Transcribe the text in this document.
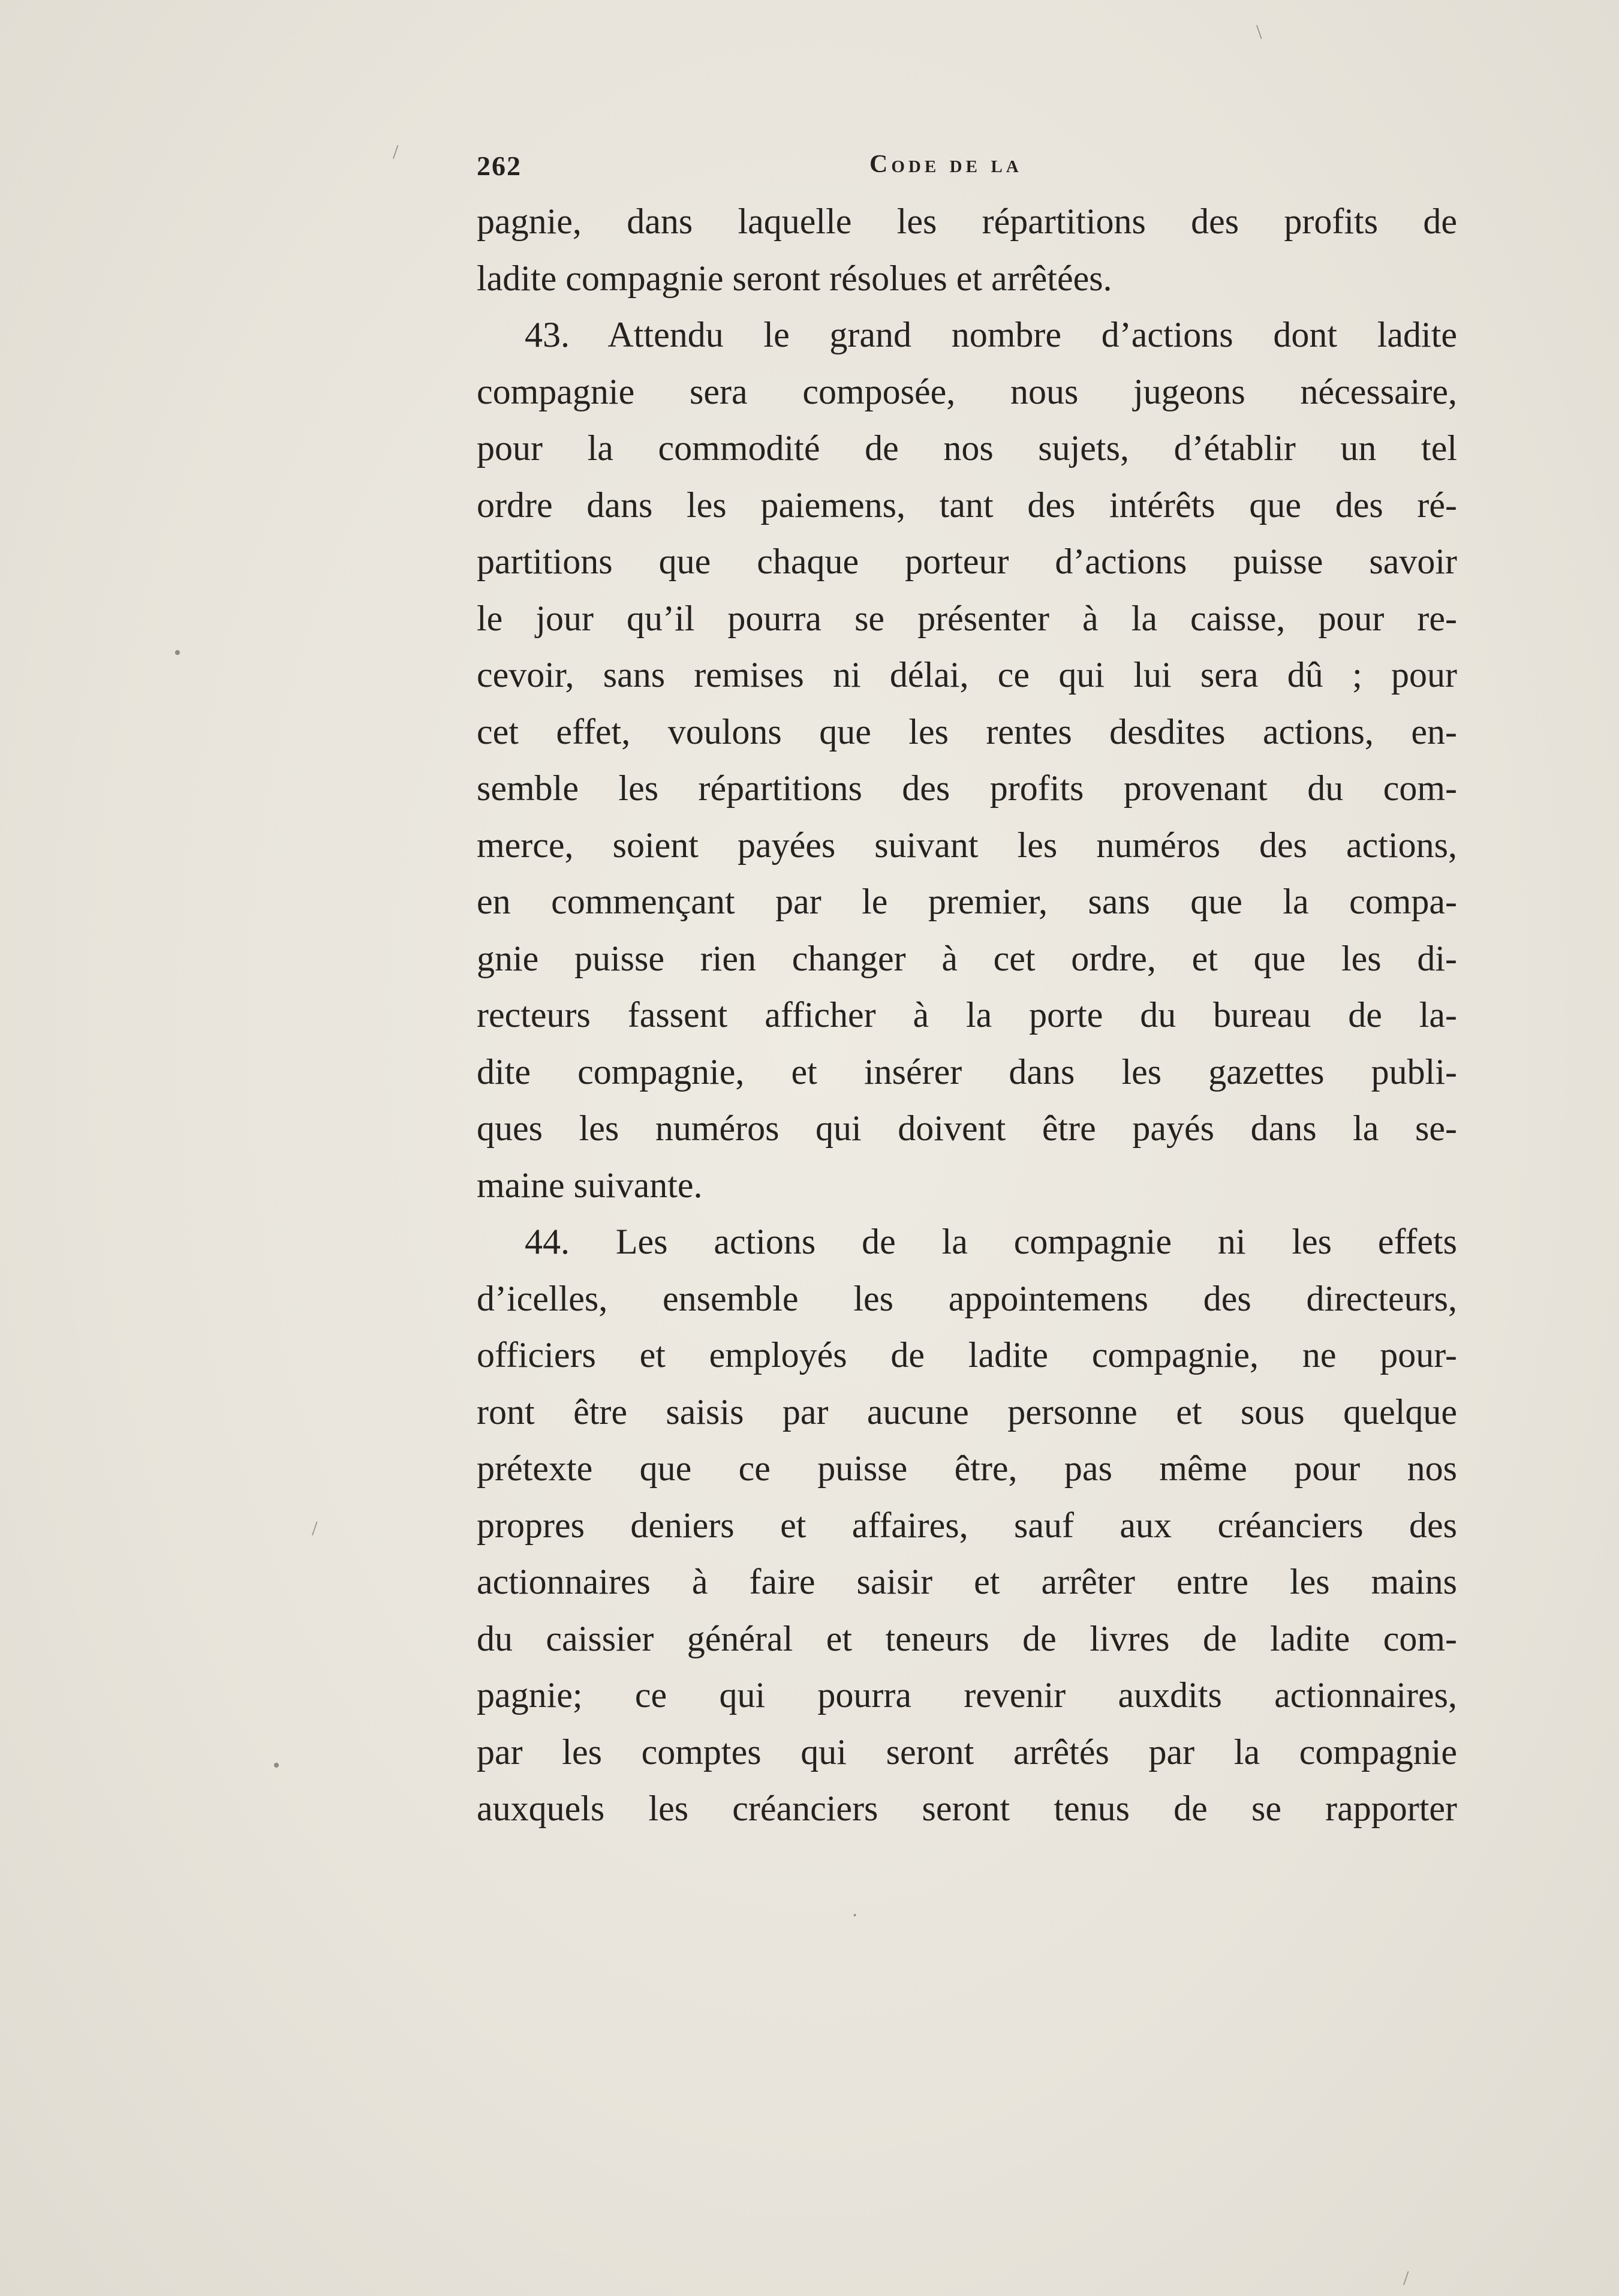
262	Code de la
pagnie, dans laquelle les répartitions des profits de
ladite compagnie seront résolues et arrêtées.
43. Attendu le grand nombre d’actions dont ladite
compagnie sera composée, nous jugeons nécessaire,
pour la commodité de nos sujets, d’établir un tel
ordre dans les paiemens, tant des intérêts que des ré-
partitions que chaque porteur d’actions puisse savoir
le jour qu’il pourra se présenter à la caisse, pour re-
cevoir, sans remises ni délai, ce qui lui sera dû ; pour
cet effet, voulons que les rentes desdites actions, en-
semble les répartitions des profits provenant du com-
merce, soient payées suivant les numéros des actions,
en commençant par le premier, sans que la compa-
gnie puisse rien changer à cet ordre, et que les di-
recteurs fassent afficher à la porte du bureau de la-
dite compagnie, et insérer dans les gazettes publi-
ques les numéros qui doivent être payés dans la se-
maine suivante.
44. Les actions de la compagnie ni les effets
d’icelles, ensemble les appointemens des directeurs,
officiers et employés de ladite compagnie, ne pour-
ront être saisis par aucune personne et sous quelque
prétexte que ce puisse être, pas même pour nos
propres deniers et affaires, sauf aux créanciers des
actionnaires à faire saisir et arrêter entre les mains
du caissier général et teneurs de livres de ladite com-
pagnie; ce qui pourra revenir auxdits actionnaires,
par les comptes qui seront arrêtés par la compagnie
auxquels les créanciers seront tenus de se rapporter
/
\
•
•
/
/
·
